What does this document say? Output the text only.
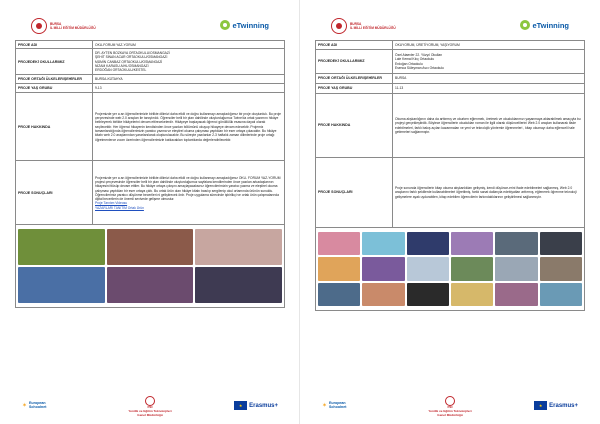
BURSA
İL MİLLİ EĞİTİM MÜDÜRLÜĞÜ	eTwinning
PROJE ADI	OKU-FORUM YAZ-YORUM
PROJEDEKİ OKULLARIMIZ	DR. AYTEN BOZKAYA ORTAOKULU/OSMANGAZİ
ŞEHİT SİNAN ACAR ORTAOKULU/OSMANGAZİ
MÜMİN CANBAZ ORTAOKULU/OSMANGAZİ
NİZAM KARASU AİHL/OSMANGAZİ
ERDOĞAN ORTAOKULU/KESTEL

PROJE ORTAĞI ÜLKELER/ŞEHİRLER	BURSA-KÜTAHYA
PROJE YAŞ GRUBU	9-13
PROJE HAKKINDA	Projemizde yer a an öğrencilerimizle birlikte dilimizi daha etkili ve doğru kullanmayı amaçladığımız bir proje oluşturduk. Bu proje çerçevesinde web 2.0 araçları ile tanıştırıldı. Öğrenciler belli bir plan dahilinde oluşturduğumuz Twine'da ortak yazımını hikâye belirleyerek birlikte hikâyelerini devam ettirecekelerdir. Hikâyeye başlayacak öğrenci gönüllülük esasına dayalı olarak seçilecektir. Her öğrenci hikayenin kendisinden önce yazılan bölümünü okuyup hikayeye devam edecektir. Projemiz tamamlandığında öğrencilerimizin yaratıcı yazma ve eleştirel okuma çalışması yaptıkları bir eser ortaya çıkacaktır. Bu hikâye kitabı web 2.0 araçlarından yararlanılarak oluşturulacaktır. Bu süreçte yazılanlar 2-3 haftalık zaman dilimlerinde proje ortağı öğretmenlerce zoom üzerinden öğrencilerimizle katılacakları toplantılarda değerlendirilecektir.
PROJE SONUÇLARI	Projemizde yer a an öğrencilerimizle birlikte dilimizi daha etkili ve doğru kullanmayı amaçladığımız OKU- FORUM YAZ-YORUM projesi çerçevesinde öğrenciler belli bir plan dahilinde oluşturduğumuz sayfalara kendilerinden önce yazılan arkadaşlarının hikayesini ttüsüp devam ettiler. Bu hikâye ortaya çıkışını amaçlayacaksınız öğrencilerimizin yaratıcı yazma ve eleştirel okuma çalışması yaptıkları bir eser ortaya çıktı. Bu ortak ürün olan hikâye kitabı basılıp sergilenip okul ortamında ürünün sunuldu. Öğrencilerimiz yaratıcı düşünme becerileri ni geliştirecek ördr. Proje uygulama sürecinde işbirlikçi ve ortak ürün çalışmalarında dijital becerilerin de önemli sevivede gelişme olmustur.
Proje Tanıtım Videosu
YAZARLARI TANITIM Ortak Ürün

✶ European
Schoolnet	PEİ
Yenilik ve Eğitim Teknolojileri
Genel Müdürlüğü
★	Erasmus+
BURSA
İL MİLLİ EĞİTİM MÜDÜRLÜĞÜ	eTwinning
PROJE ADI	OKUYORUM, ÜRETİYORUM, YAŞIYORUM
PROJEDEKİ OKULLARIMIZ	Özel Ataevler 22. Yüzyıl Okulları
Lale Kemal Kılıç Ortaokulu
Erdoğan Ortaokulu
Esenca Süleyman Avcı Ortaokulu

PROJE ORTAĞI ÜLKELER/ŞEHİRLER	BURSA
PROJE YAŞ GRUBU	11-13
PROJE HAKKINDA	Okuma alışkanlığının daha da arttırmış ve okurken eğlenmek, üretmek ve okuduklarımızı yaşanmaya aktarabilmek amaçıyla bu projeyi gerçekleştirdik. Böylece öğrencilerin okudukları roman ile ilgili olarak düşüncelilerini Web 2.0 araçları kullanarak ifade edebilmeleri, farklı bakış açıları kazanmaları ve yeni ve teknolojik yöntemle öğrenmeleri , kitap okumayı daha eğlenceli hale getirmeleri sağlanmıştır.
PROJE SONUÇLARI	Proje sonunda öğrencilerin kitap okuma alışkanlıkları gelişmiş, kendi düşünce-erini ifade edebilmeleri sağlanmış, Web 2.0 araçlarını farklı şekillerde kullanabilmeleri öğretilmiş, farklı sanat dallarıyla edebiyatları arttırmış, eğlenerek öğrenme teknoloji gelişmelere ayak uydurabilen, kitap edebilen öğrencilerin farkındalıklarının geliştirilmesi sağlanmıştır.

✶ European
Schoolnet	PEİ
Yenilik ve Eğitim Teknolojileri
Genel Müdürlüğü
★	Erasmus+
